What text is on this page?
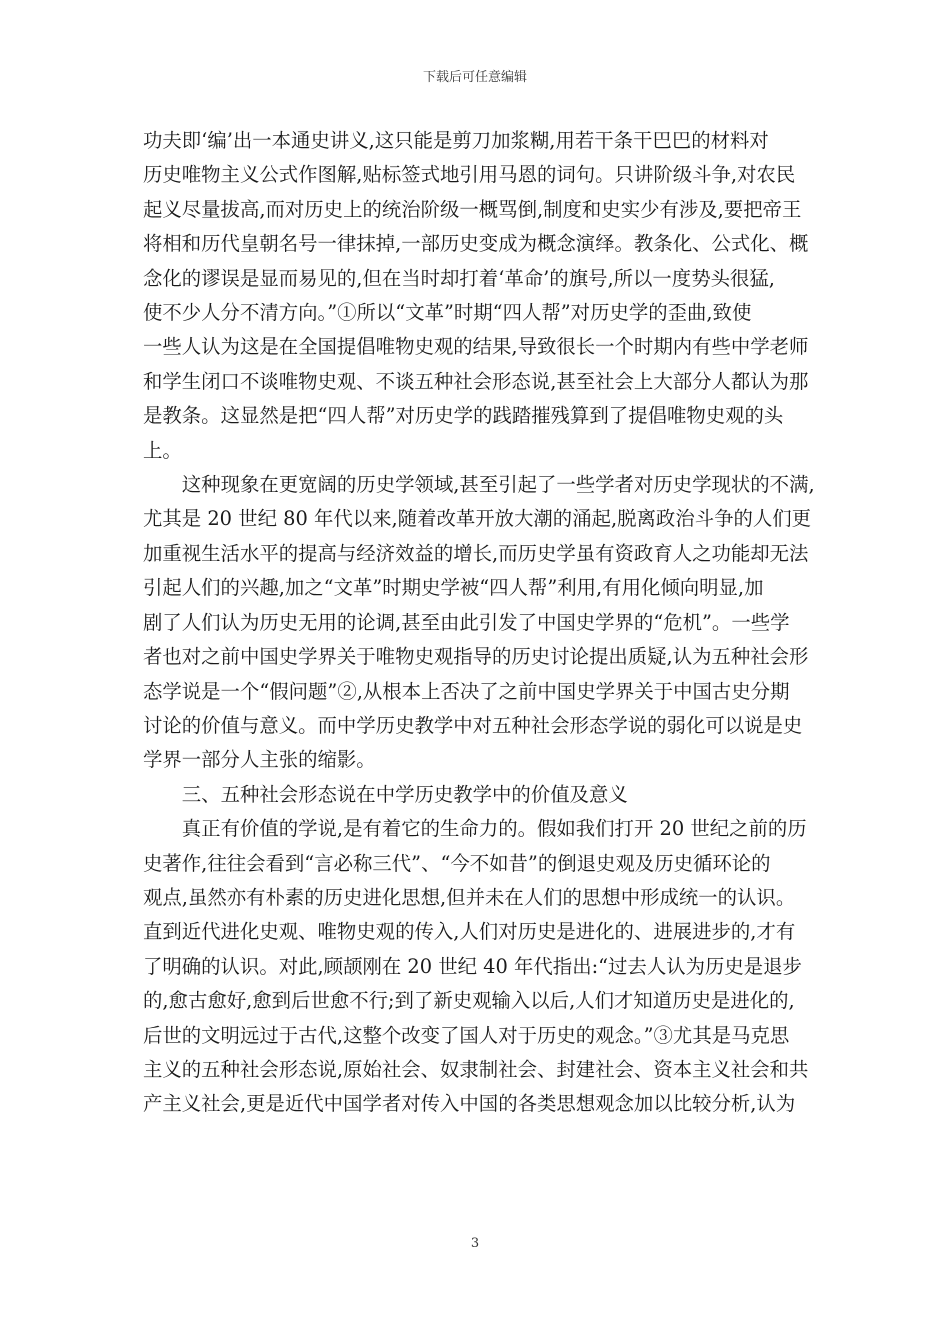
下载后可任意编辑
功夫即‘编’出一本通史讲义,这只能是剪刀加浆糊,用若干条干巴巴的材料对
历史唯物主义公式作图解,贴标签式地引用马恩的词句。只讲阶级斗争,对农民
起义尽量拔高,而对历史上的统治阶级一概骂倒,制度和史实少有涉及,要把帝王
将相和历代皇朝名号一律抹掉,一部历史变成为概念演绎。教条化、公式化、概
念化的谬误是显而易见的,但在当时却打着‘革命’的旗号,所以一度势头很猛,
使不少人分不清方向。”①所以“文革”时期“四人帮”对历史学的歪曲,致使
一些人认为这是在全国提倡唯物史观的结果,导致很长一个时期内有些中学老师
和学生闭口不谈唯物史观、不谈五种社会形态说,甚至社会上大部分人都认为那
是教条。这显然是把“四人帮”对历史学的践踏摧残算到了提倡唯物史观的头
上。
这种现象在更宽阔的历史学领域,甚至引起了一些学者对历史学现状的不满,
尤其是 20 世纪 80 年代以来,随着改革开放大潮的涌起,脱离政治斗争的人们更
加重视生活水平的提高与经济效益的增长,而历史学虽有资政育人之功能却无法
引起人们的兴趣,加之“文革”时期史学被“四人帮”利用,有用化倾向明显,加
剧了人们认为历史无用的论调,甚至由此引发了中国史学界的“危机”。一些学
者也对之前中国史学界关于唯物史观指导的历史讨论提出质疑,认为五种社会形
态学说是一个“假问题”②,从根本上否决了之前中国史学界关于中国古史分期
讨论的价值与意义。而中学历史教学中对五种社会形态学说的弱化可以说是史
学界一部分人主张的缩影。
三、五种社会形态说在中学历史教学中的价值及意义
真正有价值的学说,是有着它的生命力的。假如我们打开 20 世纪之前的历
史著作,往往会看到“言必称三代”、“今不如昔”的倒退史观及历史循环论的
观点,虽然亦有朴素的历史进化思想,但并未在人们的思想中形成统一的认识。
直到近代进化史观、唯物史观的传入,人们对历史是进化的、进展进步的,才有
了明确的认识。对此,顾颉刚在 20 世纪 40 年代指出:“过去人认为历史是退步
的,愈古愈好,愈到后世愈不行;到了新史观输入以后,人们才知道历史是进化的,
后世的文明远过于古代,这整个改变了国人对于历史的观念。”③尤其是马克思
主义的五种社会形态说,原始社会、奴隶制社会、封建社会、资本主义社会和共
产主义社会,更是近代中国学者对传入中国的各类思想观念加以比较分析,认为
3
